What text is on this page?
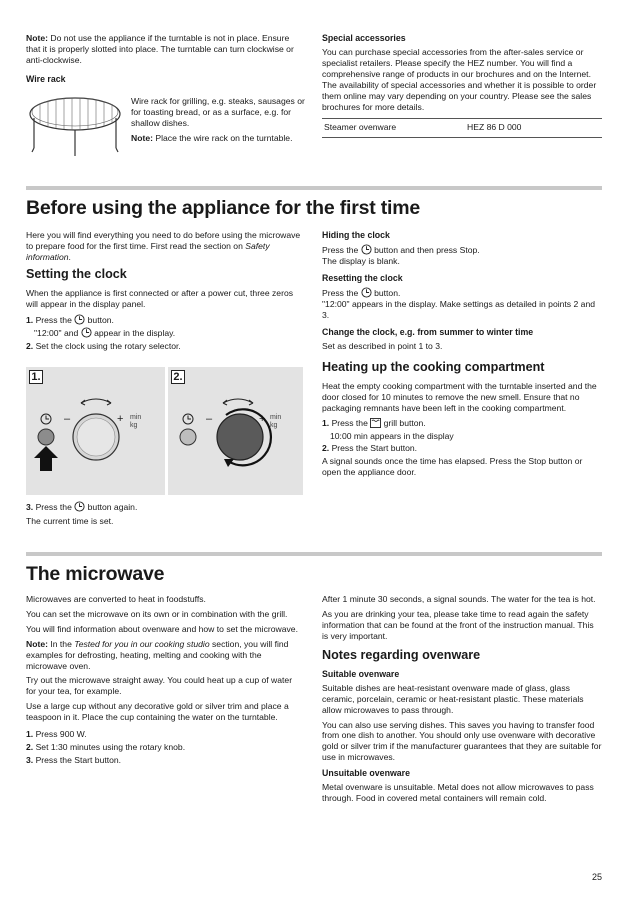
Note: Do not use the appliance if the turntable is not in place. Ensure that it is properly slotted into place. The turntable can turn clockwise or anti-clockwise.

Wire rack

Wire rack for grilling, e.g. steaks, sausages or for toasting bread, or as a surface, e.g. for shallow dishes.

Note: Place the wire rack on the turntable.

Special accessories

You can purchase special accessories from the after-sales service or specialist retailers. Please specify the HEZ number. You will find a comprehensive range of products in our brochures and on the Internet. The availability of special accessories and whether it is possible to order them online may vary depending on your country. Please see the sales brochures for more details.

Steamer ovenware	HEZ 86 D 000
Before using the appliance for the first time

Here you will find everything you need to do before using the microwave to prepare food for the first time. First read the section on Safety information.

Setting the clock

When the appliance is first connected or after a power cut, three zeros will appear in the display panel.

1. Press the  button.
"12:00" and  appear in the display.
2. Set the clock using the rotary selector.
1.
–	+ min
kg
2.
–	+ min
kg
3. Press the  button again.

The current time is set.

Hiding the clock

Press the  button and then press Stop.
The display is blank.

Resetting the clock

Press the  button.
"12:00" appears in the display. Make settings as detailed in points 2 and 3.

Change the clock, e.g. from summer to winter time

Set as described in point 1 to 3.

Heating up the cooking compartment

Heat the empty cooking compartment with the turntable inserted and the door closed for 10 minutes to remove the new smell. Ensure that no packaging remnants have been left in the cooking compartment.

1. Press the  grill button.
10:00 min appears in the display
2. Press the Start button.

A signal sounds once the time has elapsed. Press the Stop button or open the appliance door.

The microwave

Microwaves are converted to heat in foodstuffs.

You can set the microwave on its own or in combination with the grill.

You will find information about ovenware and how to set the microwave.

Note: In the Tested for you in our cooking studio section, you will find examples for defrosting, heating, melting and cooking with the microwave oven.

Try out the microwave straight away. You could heat up a cup of water for your tea, for example.

Use a large cup without any decorative gold or silver trim and place a teaspoon in it. Place the cup containing the water on the turntable.

1. Press 900 W.
2. Set 1:30 minutes using the rotary knob.
3. Press the Start button.

After 1 minute 30 seconds, a signal sounds. The water for the tea is hot.

As you are drinking your tea, please take time to read again the safety information that can be found at the front of the instruction manual. This is very important.

Notes regarding ovenware
Suitable ovenware

Suitable dishes are heat-resistant ovenware made of glass, glass ceramic, porcelain, ceramic or heat-resistant plastic. These materials allow microwaves to pass through.

You can also use serving dishes. This saves you having to transfer food from one dish to another. You should only use ovenware with decorative gold or silver trim if the manufacturer guarantees that they are suitable for use in microwaves.

Unsuitable ovenware

Metal ovenware is unsuitable. Metal does not allow microwaves to pass through. Food in covered metal containers will remain cold.

25
